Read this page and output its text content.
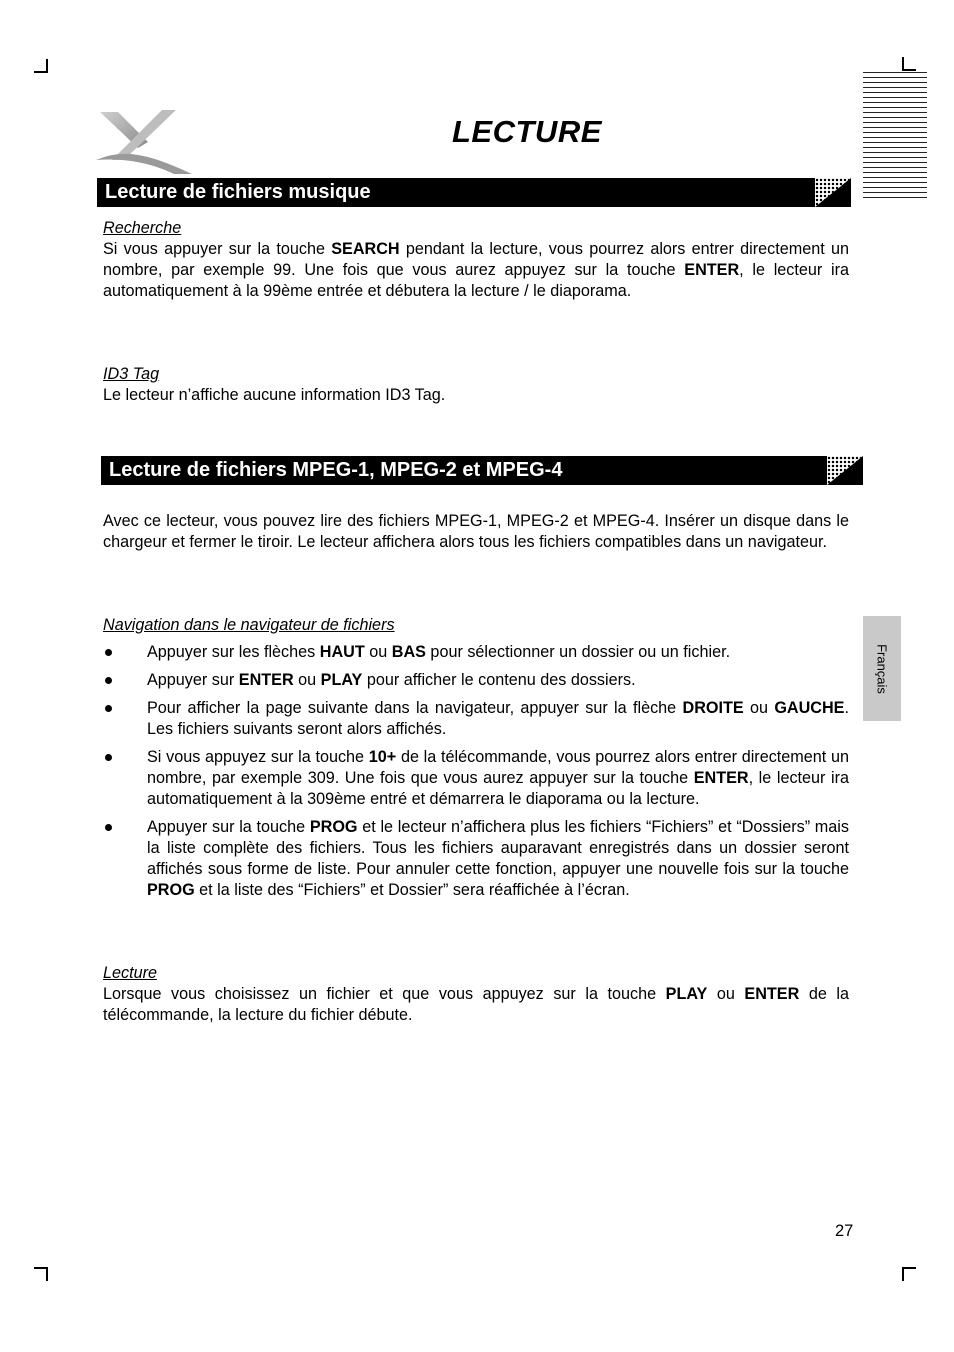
LECTURE
Lecture de fichiers musique
Recherche

Si vous appuyer sur la touche SEARCH pendant la lecture, vous pourrez alors entrer directement un nombre, par exemple 99. Une fois que vous aurez appuyez sur la touche ENTER, le lecteur ira automatiquement à la 99ème entrée et débutera la lecture / le diaporama.

ID3 Tag

Le lecteur n’affiche aucune information ID3 Tag.

Lecture de fichiers MPEG-1, MPEG-2 et MPEG-4

Avec ce lecteur, vous pouvez lire des fichiers MPEG-1, MPEG-2 et MPEG-4. Insérer un disque dans le chargeur et fermer le tiroir. Le lecteur affichera alors tous les fichiers compatibles dans un navigateur.

Navigation dans le navigateur de fichiers
Appuyer sur les flèches HAUT ou BAS pour sélectionner un dossier ou un fichier.
Appuyer sur ENTER ou PLAY pour afficher le contenu des dossiers.
Pour afficher la page suivante dans la navigateur, appuyer sur la flèche DROITE ou GAUCHE. Les fichiers suivants seront alors affichés.
Si vous appuyez sur la touche 10+ de la télécommande, vous pourrez alors entrer directement un nombre, par exemple 309. Une fois que vous aurez appuyer sur la touche ENTER, le lecteur ira automatiquement à la 309ème entré et démarrera le diaporama ou la lecture.
Appuyer sur la touche PROG et le lecteur n’affichera plus les fichiers “Fichiers” et “Dossiers” mais la liste complète des fichiers. Tous les fichiers auparavant enregistrés dans un dossier seront affichés sous forme de liste. Pour annuler cette fonction, appuyer une nouvelle fois sur la touche PROG et la liste des “Fichiers” et Dossier” sera réaffichée à l’écran.
Lecture

Lorsque vous choisissez un fichier et que vous appuyez sur la touche PLAY ou ENTER de la télécommande, la lecture du fichier débute.

Français
27
